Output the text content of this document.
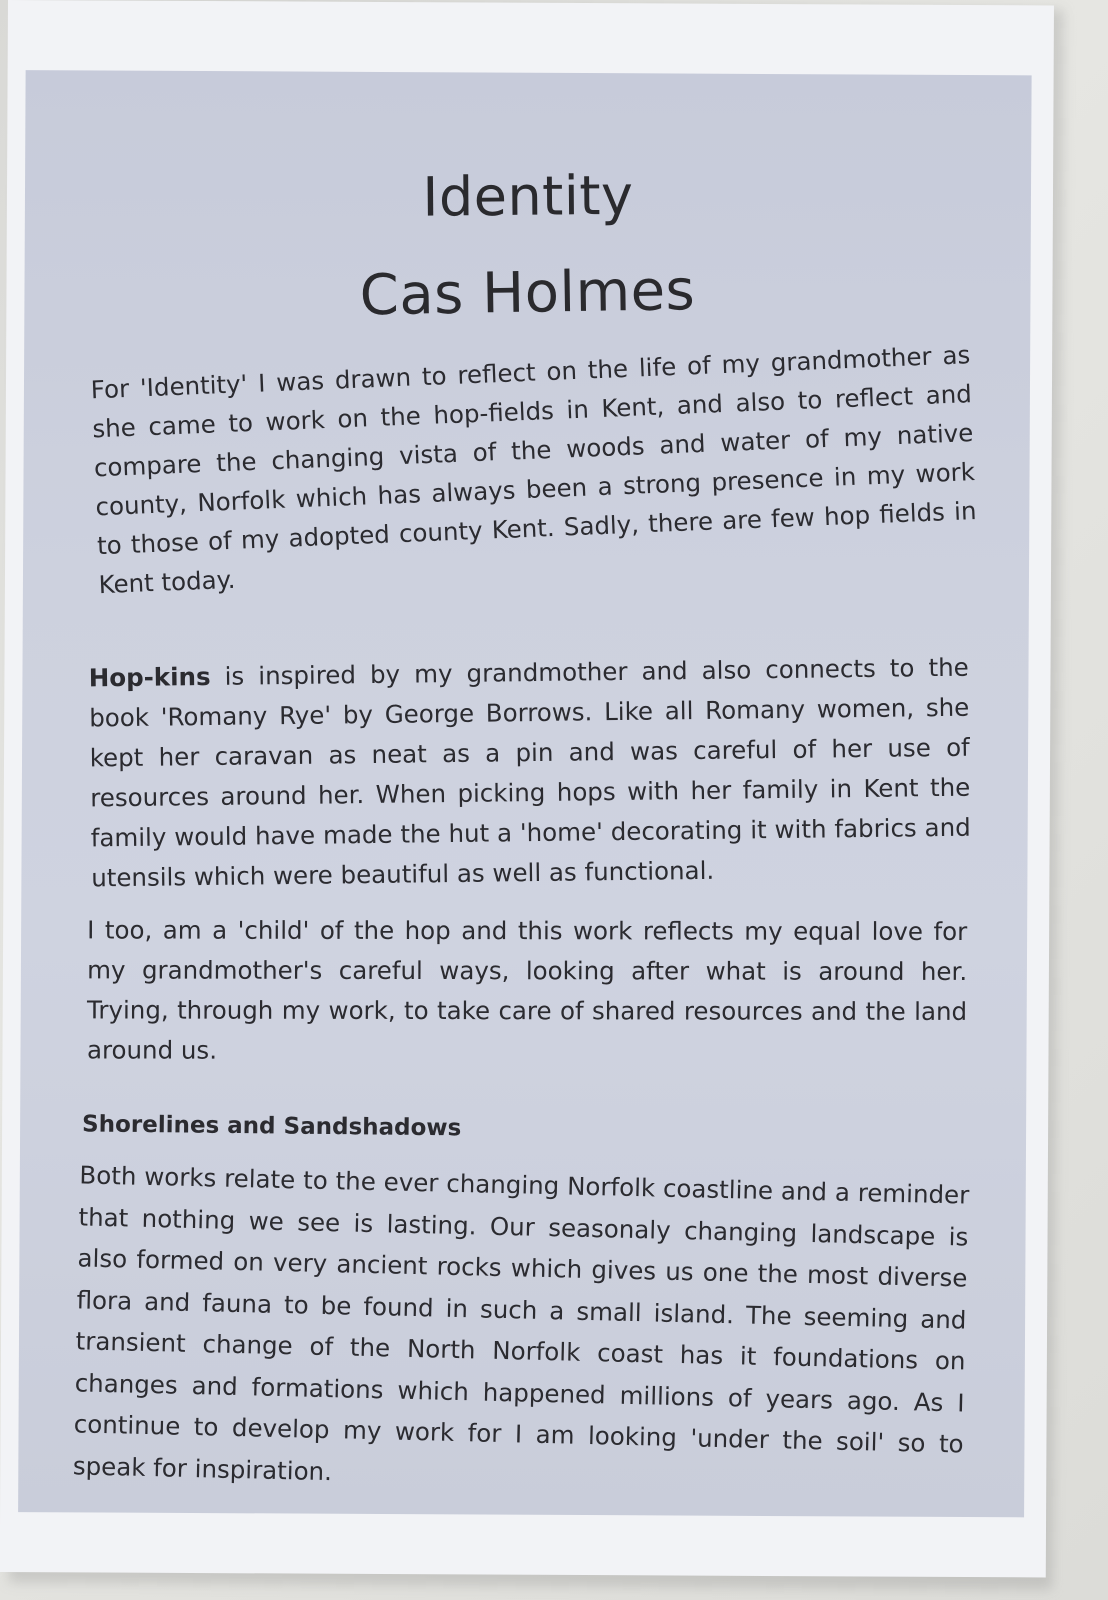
Identity
Cas Holmes

For 'Identity' I was drawn to reflect on the life of my grandmother as she came to work on the hop-fields in Kent, and also to reflect and compare the changing vista of the woods and water of my native county, Norfolk which has always been a strong presence in my work to those of my adopted county Kent. Sadly, there are few hop fields in Kent today.

Hop-kins is inspired by my grandmother and also connects to the book 'Romany Rye' by George Borrows. Like all Romany women, she kept her caravan as neat as a pin and was careful of her use of resources around her. When picking hops with her family in Kent the family would have made the hut a 'home' decorating it with fabrics and utensils which were beautiful as well as functional.

I too, am a 'child' of the hop and this work reflects my equal love for my grandmother's careful ways, looking after what is around her. Trying, through my work, to take care of shared resources and the land around us.

Shorelines and Sandshadows

Both works relate to the ever changing Norfolk coastline and a reminder that nothing we see is lasting. Our seasonaly changing landscape is also formed on very ancient rocks which gives us one the most diverse flora and fauna to be found in such a small island. The seeming and transient change of the North Norfolk coast has it foundations on changes and formations which happened millions of years ago. As I continue to develop my work for I am looking 'under the soil' so to speak for inspiration.
